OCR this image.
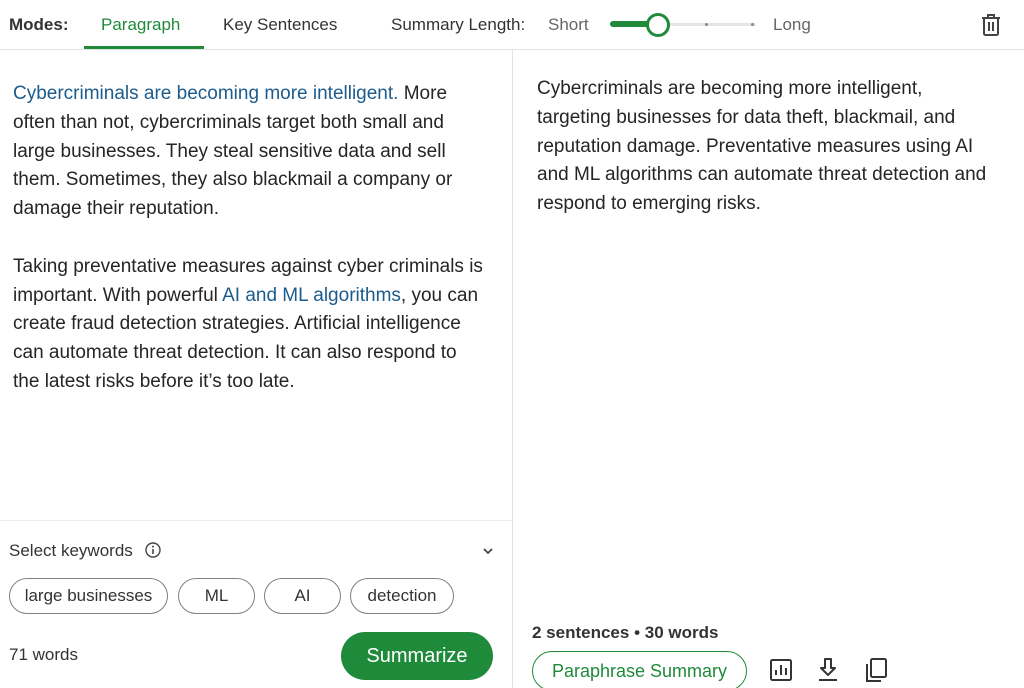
Modes: Paragraph	Key Sentences	Summary Length: Short	Long

Cybercriminals are becoming more intelligent. More often than not, cybercriminals target both small and large businesses. They steal sensitive data and sell them. Sometimes, they also blackmail a company or damage their reputation.

Taking preventative measures against cyber criminals is important. With powerful AI and ML algorithms, you can create fraud detection strategies. Artificial intelligence can automate threat detection. It can also respond to the latest risks before it’s too late.

Cybercriminals are becoming more intelligent, targeting businesses for data theft, blackmail, and reputation damage. Preventative measures using AI and ML algorithms can automate threat detection and respond to emerging risks.
Select keywords
large businesses	ML	AI	detection
71 words	Summarize
2 sentences • 30 words
Paraphrase Summary
